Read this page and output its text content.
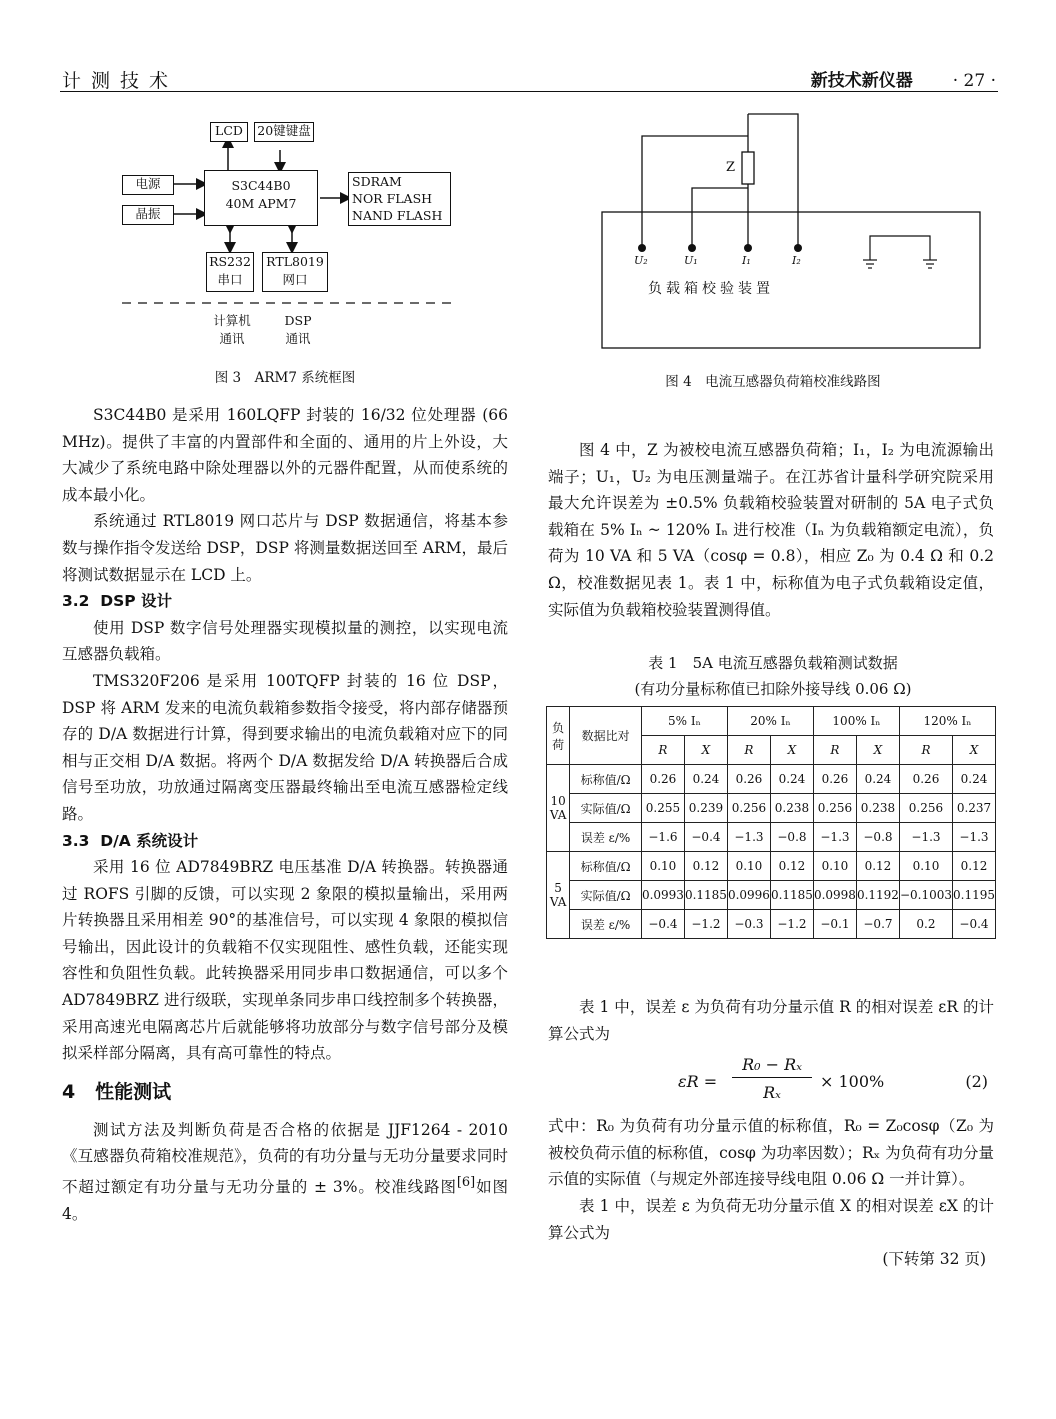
计测技术	新技术新仪器 · 27 ·
LCD	20键键盘
电源
晶振
S3C44B0
40M APM7
SDRAM
NOR FLASH
NAND FLASH
RS232
串口
RTL8019
网口
计算机
通讯
DSP
通讯
图 3　ARM7 系统框图
Z
U₂	U₁	I₁	I₂
负载箱校验装置
图 4　电流互感器负荷箱校准线路图

S3C44B0 是采用 160LQFP 封装的 16/32 位处理器 (66 MHz)。提供了丰富的内置部件和全面的、通用的片上外设，大大减少了系统电路中除处理器以外的元器件配置，从而使系统的成本最小化。

系统通过 RTL8019 网口芯片与 DSP 数据通信，将基本参数与操作指令发送给 DSP，DSP 将测量数据送回至 ARM，最后将测试数据显示在 LCD 上。

3.2 DSP 设计

使用 DSP 数字信号处理器实现模拟量的测控，以实现电流互感器负载箱。

TMS320F206 是采用 100TQFP 封装的 16 位 DSP，DSP 将 ARM 发来的电流负载箱参数指令接受，将内部存储器预存的 D/A 数据进行计算，得到要求输出的电流负载箱对应下的同相与正交相 D/A 数据。将两个 D/A 数据发给 D/A 转换器后合成信号至功放，功放通过隔离变压器最终输出至电流互感器检定线路。

3.3 D/A 系统设计

采用 16 位 AD7849BRZ 电压基准 D/A 转换器。转换器通过 ROFS 引脚的反馈，可以实现 2 象限的模拟量输出，采用两片转换器且采用相差 90°的基准信号，可以实现 4 象限的模拟信号输出，因此设计的负载箱不仅实现阻性、感性负载，还能实现容性和负阻性负载。此转换器采用同步串口数据通信，可以多个 AD7849BRZ 进行级联，实现单条同步串口线控制多个转换器，采用高速光电隔离芯片后就能够将功放部分与数字信号部分及模拟采样部分隔离，具有高可靠性的特点。

4 性能测试

测试方法及判断负荷是否合格的依据是 JJF1264 - 2010《互感器负荷箱校准规范》，负荷的有功分量与无功分量要求同时不超过额定有功分量与无功分量的 ± 3%。校准线路图[6]如图 4。

图 4 中，Z 为被校电流互感器负荷箱；I₁，I₂ 为电流源输出端子；U₁，U₂ 为电压测量端子。在江苏省计量科学研究院采用最大允许误差为 ±0.5% 负载箱校验装置对研制的 5A 电子式负载箱在 5% Iₙ ~ 120% Iₙ 进行校准（Iₙ 为负载箱额定电流），负荷为 10 VA 和 5 VA（cosφ = 0.8），相应 Z₀ 为 0.4 Ω 和 0.2 Ω，校准数据见表 1。表 1 中，标称值为电子式负载箱设定值，实际值为负载箱校验装置测得值。

表 1　5A 电流互感器负载箱测试数据
(有功分量标称值已扣除外接导线 0.06 Ω)
负荷	数据比对	5% Iₙ		20% Iₙ		100% Iₙ		120% Iₙ	
		R	X	R	X	R	X	R	X
10 VA	标称值/Ω	0.26	0.24	0.26	0.24	0.26	0.24	0.26	0.24
	实际值/Ω	0.255	0.239	0.256	0.238	0.256	0.238	0.256	0.237
	误差 ε/%	−1.6	−0.4	−1.3	−0.8	−1.3	−0.8	−1.3	−1.3
5 VA	标称值/Ω	0.10	0.12	0.10	0.12	0.10	0.12	0.10	0.12
	实际值/Ω	0.0993	0.1185	0.0996	0.1185	0.0998	0.1192	−0.1003	0.1195
	误差 ε/%	−0.4	−1.2	−0.3	−1.2	−0.1	−0.7	0.2	−0.4

表 1 中，误差 ε 为负荷有功分量示值 R 的相对误差 εR 的计算公式为

εR =
R₀ − Rₓ
Rₓ
× 100%	(2)

式中：R₀ 为负荷有功分量示值的标称值，R₀ = Z₀cosφ（Z₀ 为被校负荷示值的标称值，cosφ 为功率因数）；Rₓ 为负荷有功分量示值的实际值（与规定外部连接导线电阻 0.06 Ω 一并计算）。

表 1 中，误差 ε 为负荷无功分量示值 X 的相对误差 εX 的计算公式为

(下转第 32 页)
